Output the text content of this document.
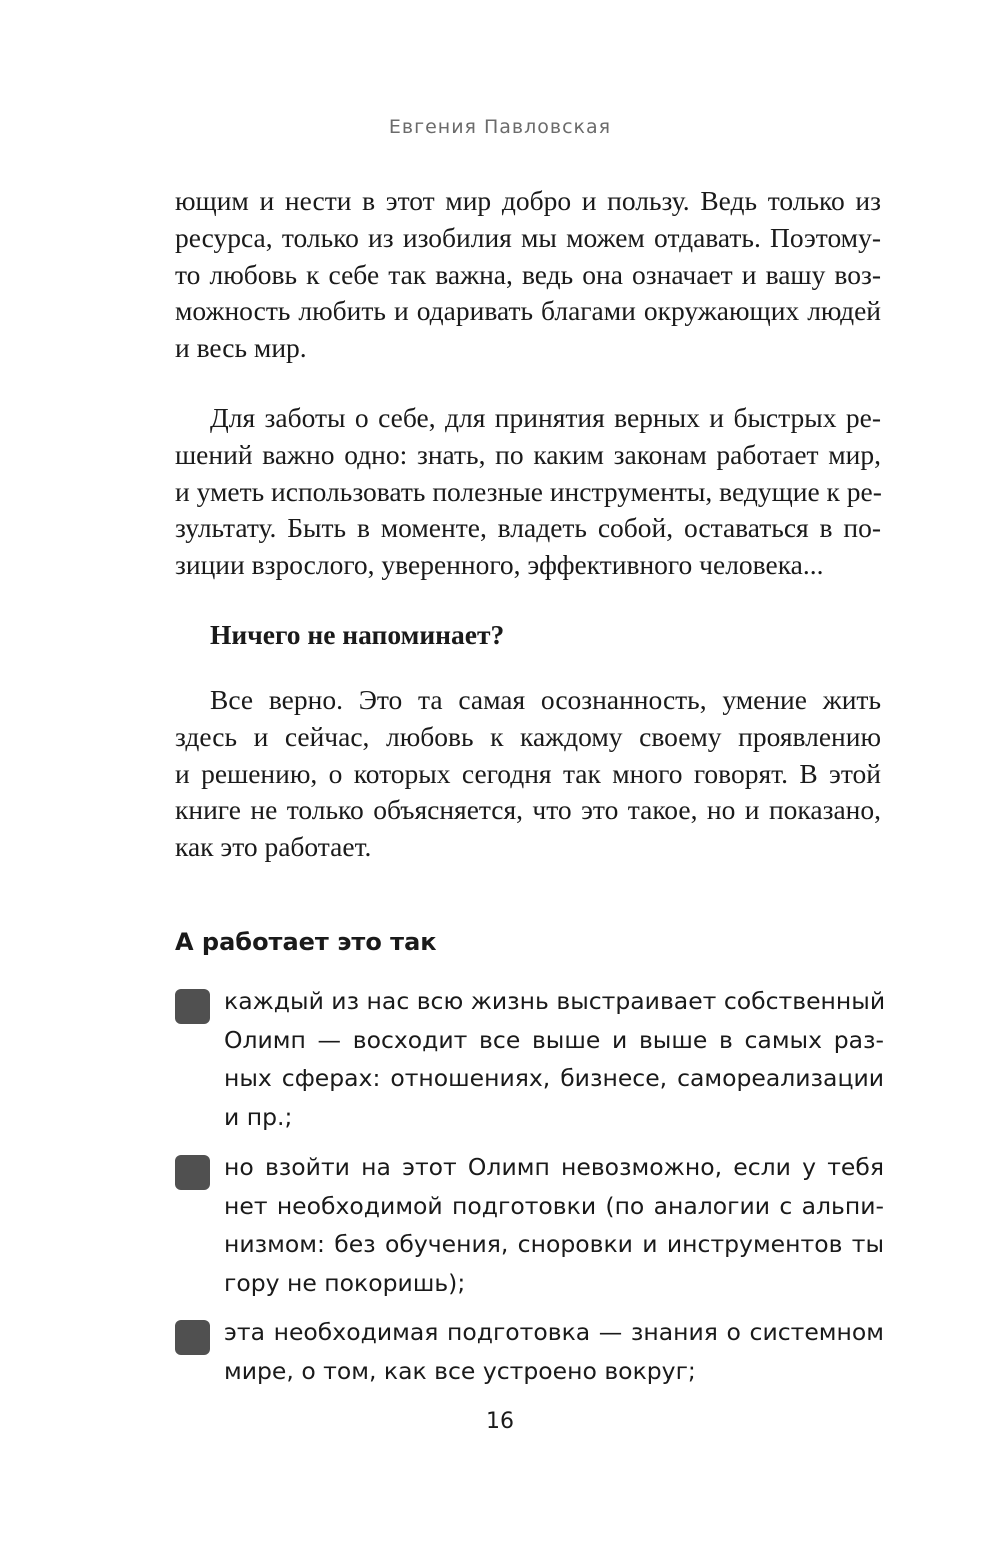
Евгения Павловская
ющим и нести в этот мир добро и пользу. Ведь только из
ресурса, только из изобилия мы можем отдавать. Поэтому-
то любовь к себе так важна, ведь она означает и вашу воз-
можность любить и одаривать благами окружающих людей
и весь мир.
Для заботы о себе, для принятия верных и быстрых ре-
шений важно одно: знать, по каким законам работает мир,
и уметь использовать полезные инструменты, ведущие к ре-
зультату. Быть в моменте, владеть собой, оставаться в по-
зиции взрослого, уверенного, эффективного человека...
Ничего не напоминает?
Все верно. Это та самая осознанность, умение жить
здесь и сейчас, любовь к каждому своему проявлению
и решению, о которых сегодня так много говорят. В этой
книге не только объясняется, что это такое, но и показано,
как это работает.
А работает это так
каждый из нас всю жизнь выстраивает собственный
Олимп — восходит все выше и выше в самых раз-
ных сферах: отношениях, бизнесе, самореализации
и пр.;
но взойти на этот Олимп невозможно, если у тебя
нет необходимой подготовки (по аналогии с альпи-
низмом: без обучения, сноровки и инструментов ты
гору не покоришь);
эта необходимая подготовка — знания о системном
мире, о том, как все устроено вокруг;
16
